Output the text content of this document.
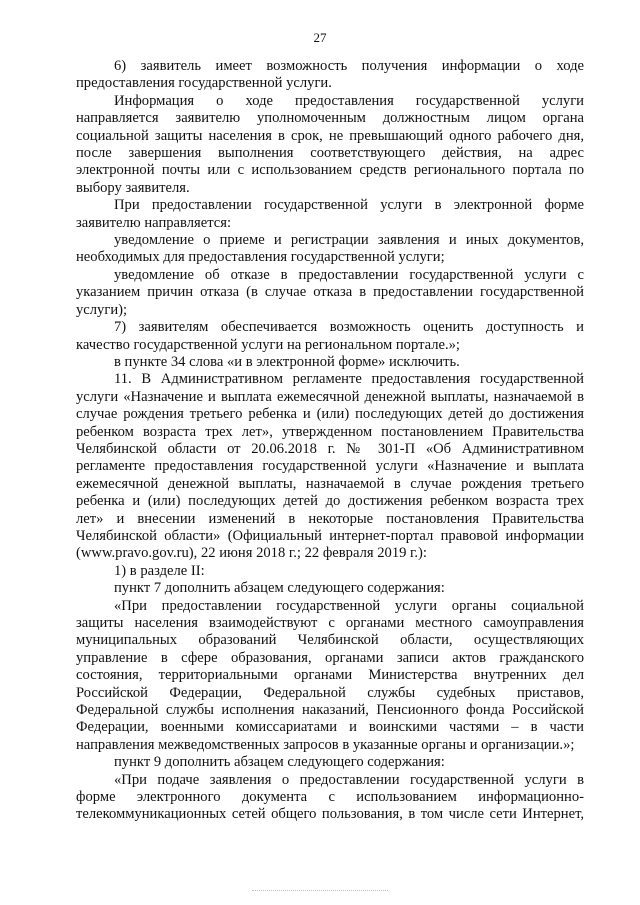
27
6) заявитель имеет возможность получения информации о ходе
предоставления государственной услуги.
Информация о ходе предоставления государственной услуги
направляется заявителю уполномоченным должностным лицом органа
социальной защиты населения в срок, не превышающий одного рабочего дня,
после завершения выполнения соответствующего действия, на адрес
электронной почты или с использованием средств регионального портала по
выбору заявителя.
При предоставлении государственной услуги в электронной форме
заявителю направляется:
уведомление о приеме и регистрации заявления и иных документов,
необходимых для предоставления государственной услуги;
уведомление об отказе в предоставлении государственной услуги с
указанием причин отказа (в случае отказа в предоставлении государственной
услуги);
7) заявителям обеспечивается возможность оценить доступность и
качество государственной услуги на региональном портале.»;
в пункте 34 слова «и в электронной форме» исключить.
11. В Административном регламенте предоставления государственной
услуги «Назначение и выплата ежемесячной денежной выплаты, назначаемой в
случае рождения третьего ребенка и (или) последующих детей до достижения
ребенком возраста трех лет», утвержденном постановлением Правительства
Челябинской области от 20.06.2018 г. № 301-П «Об Административном
регламенте предоставления государственной услуги «Назначение и выплата
ежемесячной денежной выплаты, назначаемой в случае рождения третьего
ребенка и (или) последующих детей до достижения ребенком возраста трех
лет» и внесении изменений в некоторые постановления Правительства
Челябинской области» (Официальный интернет-портал правовой информации
(www.pravo.gov.ru), 22 июня 2018 г.; 22 февраля 2019 г.):
1) в разделе II:
пункт 7 дополнить абзацем следующего содержания:
«При предоставлении государственной услуги органы социальной
защиты населения взаимодействуют с органами местного самоуправления
муниципальных образований Челябинской области, осуществляющих
управление в сфере образования, органами записи актов гражданского
состояния, территориальными органами Министерства внутренних дел
Российской Федерации, Федеральной службы судебных приставов,
Федеральной службы исполнения наказаний, Пенсионного фонда Российской
Федерации, военными комиссариатами и воинскими частями – в части
направления межведомственных запросов в указанные органы и организации.»;
пункт 9 дополнить абзацем следующего содержания:
«При подаче заявления о предоставлении государственной услуги в
форме электронного документа с использованием информационно-
телекоммуникационных сетей общего пользования, в том числе сети Интернет,
